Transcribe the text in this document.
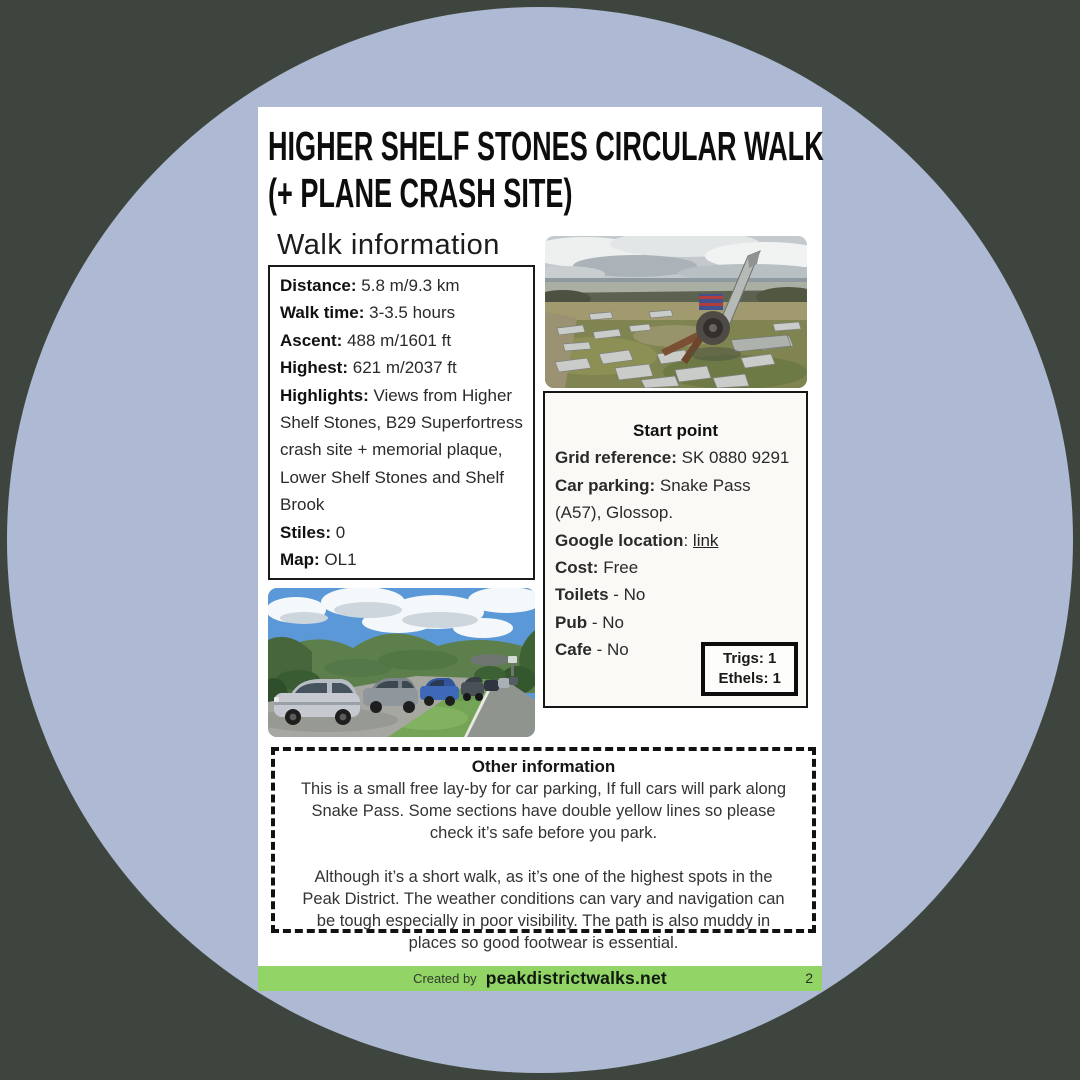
HIGHER SHELF STONES CIRCULAR WALK
(+ PLANE CRASH SITE)
Walk information
Distance: 5.8 m/9.3 km
Walk time: 3-3.5 hours
Ascent: 488 m/1601 ft
Highest: 621 m/2037 ft
Highlights: Views from Higher Shelf Stones, B29 Superfortress crash site + memorial plaque, Lower Shelf Stones and Shelf Brook
Stiles: 0
Map: OL1
Start point
Grid reference: SK 0880 9291
Car parking: Snake Pass (A57), Glossop.
Google location: link
Cost: Free
Toilets - No
Pub - No
Cafe - No	Trigs: 1
Ethels: 1
Other information
This is a small free lay-by for car parking, If full cars will park along Snake Pass. Some sections have double yellow lines so please check it’s safe before you park.
Although it’s a short walk, as it’s one of the highest spots in the Peak District. The weather conditions can vary and navigation can be tough especially in poor visibility. The path is also muddy in places so good footwear is essential.
Created by peakdistrictwalks.net	2
